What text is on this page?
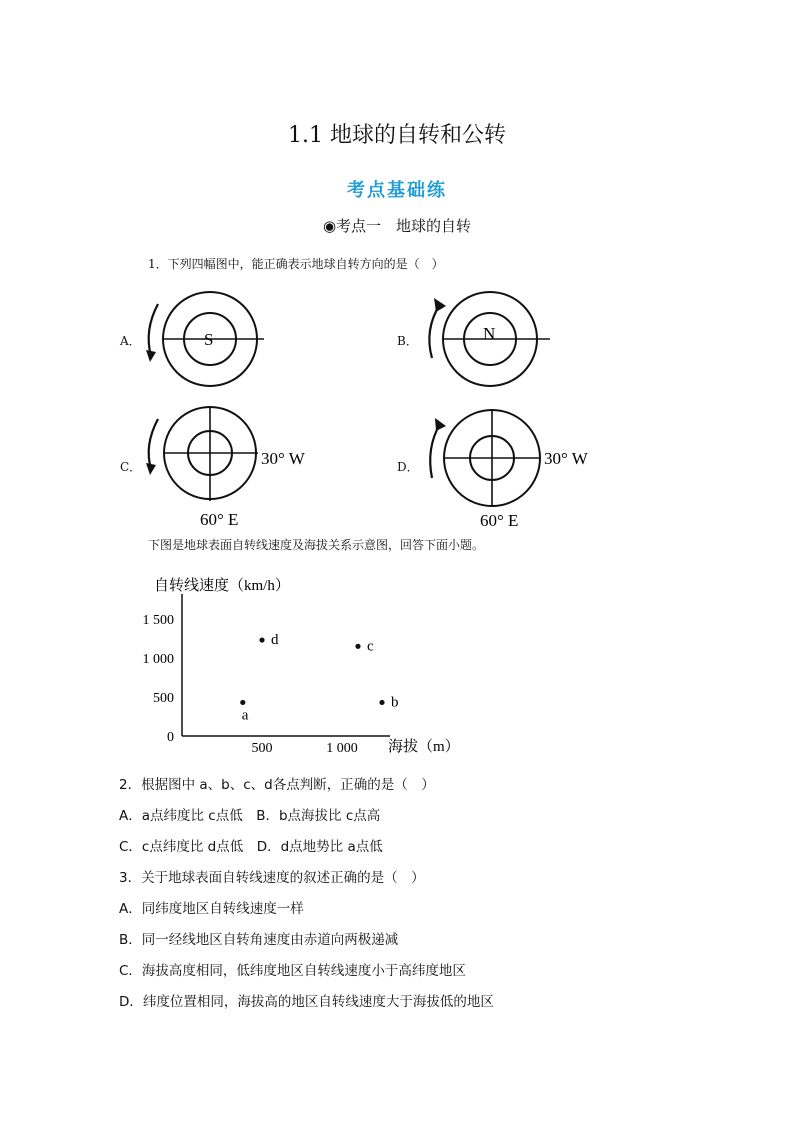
1.1 地球的自转和公转
考点基础练
◉考点一　地球的自转
1．下列四幅图中，能正确表示地球自转方向的是（　）
A．	B．
C．	D．
S	N
30° W
60° E
30° W
60° E
下图是地球表面自转线速度及海拔关系示意图，回答下面小题。
自转线速度（km/h）
海拔（m）
0
500
1 000
1 500
500	1 000
a
d	c
b
2．根据图中 a、b、c、d各点判断，正确的是（　）
A．a点纬度比 c点低　B．b点海拔比 c点高
C．c点纬度比 d点低　D．d点地势比 a点低
3．关于地球表面自转线速度的叙述正确的是（　）
A．同纬度地区自转线速度一样
B．同一经线地区自转角速度由赤道向两极递减
C．海拔高度相同，低纬度地区自转线速度小于高纬度地区
D．纬度位置相同，海拔高的地区自转线速度大于海拔低的地区
